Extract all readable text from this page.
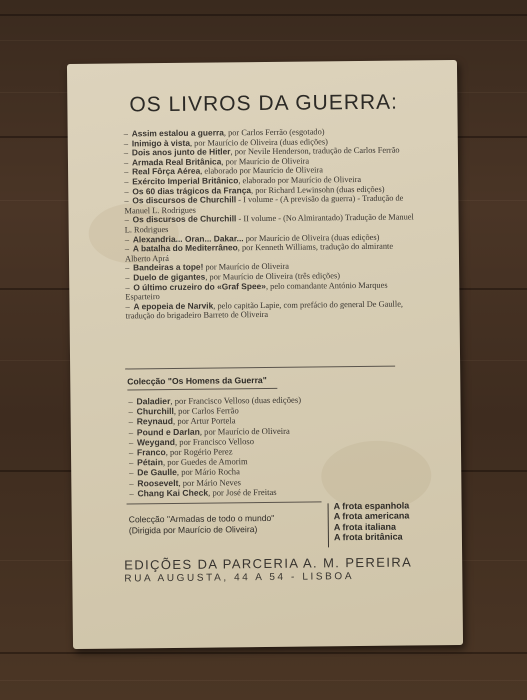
OS LIVROS DA GUERRA:
– Assim estalou a guerra, por Carlos Ferrão (esgotado)
– Inimigo à vista, por Maurício de Oliveira (duas edições)
– Dois anos junto de Hitler, por Nevile Henderson, tradução de Carlos Ferrão
– Armada Real Britânica, por Maurício de Oliveira
– Real Fôrça Aérea, elaborado por Maurício de Oliveira
– Exército Imperial Britânico, elaborado por Maurício de Oliveira
– Os 60 dias trágicos da França, por Richard Lewinsohn (duas edições)
– Os discursos de Churchill - I volume - (A previsão da guerra) - Tradução de Manuel L. Rodrigues
– Os discursos de Churchill - II volume - (No Almirantado) Tradução de Manuel L. Rodrigues
– Alexandria... Oran... Dakar... por Maurício de Oliveira (duas edições)
– A batalha do Mediterrâneo, por Kenneth Williams, tradução do almirante Alberto Aprá
– Bandeiras a tope! por Maurício de Oliveira
– Duelo de gigantes, por Maurício de Oliveira (três edições)
– O último cruzeiro do «Graf Spee», pelo comandante António Marques Esparteiro
– A epopeia de Narvik, pelo capitão Lapie, com prefácio do general De Gaulle, tradução do brigadeiro Barreto de Oliveira
Colecção "Os Homens da Guerra"
– Daladier, por Francisco Velloso (duas edições)
– Churchill, por Carlos Ferrão
– Reynaud, por Artur Portela
– Pound e Darlan, por Maurício de Oliveira
– Weygand, por Francisco Velloso
– Franco, por Rogério Perez
– Pétain, por Guedes de Amorim
– De Gaulle, por Mário Rocha
– Roosevelt, por Mário Neves
– Chang Kai Check, por José de Freitas
Colecção "Armadas de todo o mundo"
(Dirigida por Maurício de Oliveira)
A frota espanhola
A frota americana
A frota italiana
A frota britânica
EDIÇÕES DA PARCERIA A. M. PEREIRA
RUA AUGUSTA, 44 A 54 - LISBOA
